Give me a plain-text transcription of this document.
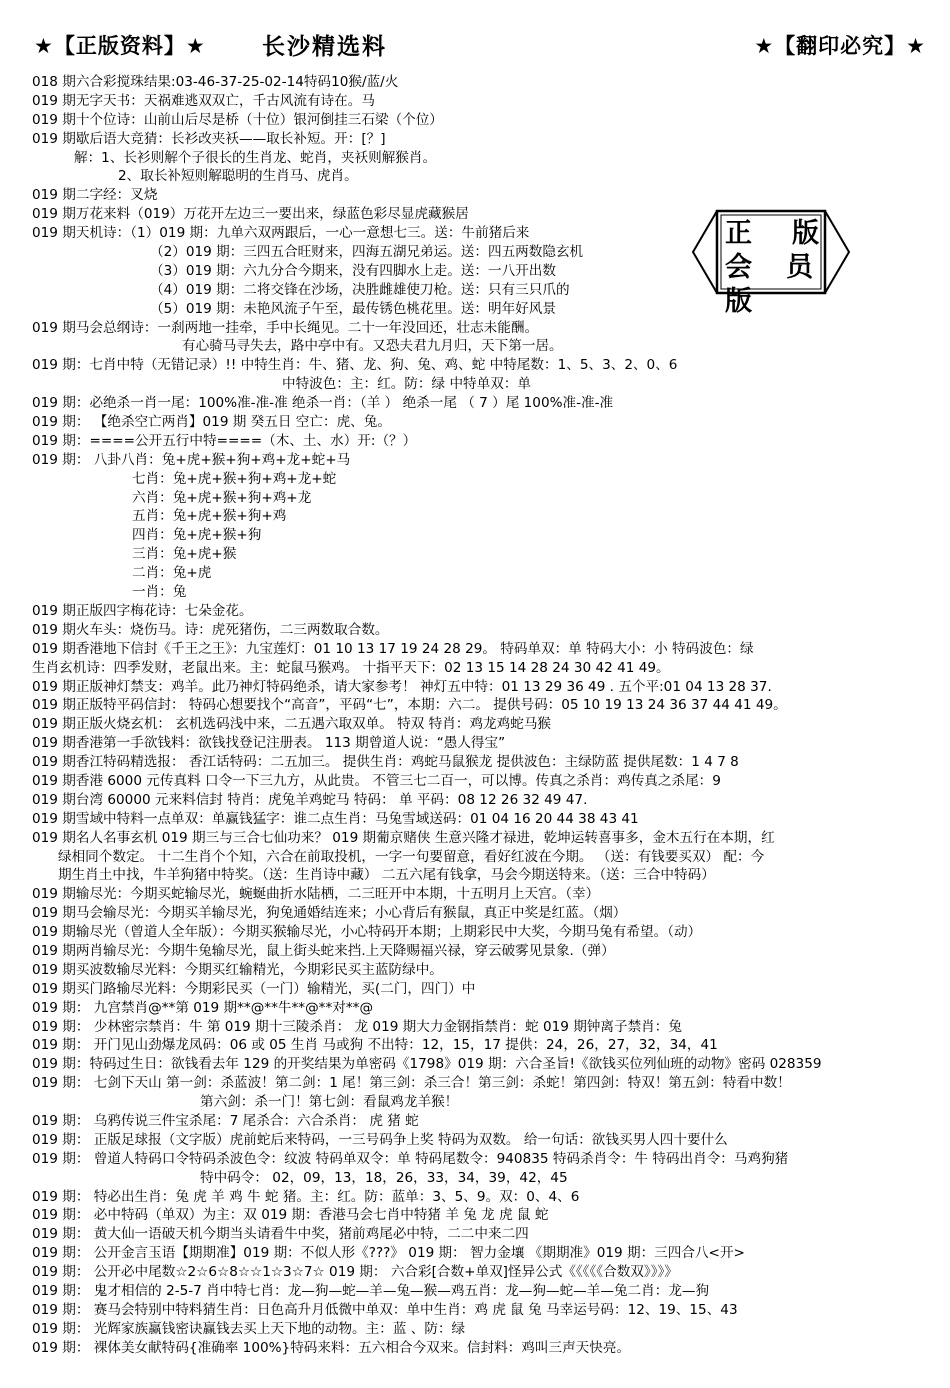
★【正版资料】★ 长沙精选料	★【翻印必究】★
正 版
会员版
018 期六合彩搅珠结果:03-46-37-25-02-14特码10猴/蓝/火
019 期无字天书：天祸难逃双双亡，千古风流有诗在。马
019 期十个位诗：山前山后尽是桥（十位）银河倒挂三石梁（个位）
019 期歇后语大竞猜：长衫改夹袄——取长补短。开：[？]
解：1、长衫则解个子很长的生肖龙、蛇肖，夹袄则解猴肖。
2、取长补短则解聪明的生肖马、虎肖。
019 期二字经：叉烧
019 期万花来料（019）万花开左边三一要出来，绿蓝色彩尽显虎藏猴居
019 期天机诗：（1）019 期：九单六双两跟后，一心一意想七三。送：牛前猪后来
（2）019 期：三四五合旺财来，四海五湖兄弟运。送：四五两数隐玄机
（3）019 期：六九分合今期来，没有四脚水上走。送：一八开出数
（4）019 期：二将交锋在沙场，决胜雌雄使刀枪。送：只有三只爪的
（5）019 期：未艳风流子午至，最传锈色桃花里。送：明年好风景
019 期马会总纲诗：一刹两地一挂牵，手中长绳见。二十一年没回还，壮志未能酬。
有心骑马寻失去，路中亭中有。又恐夫君九月归，天下第一居。
019 期：七肖中特（无错记录）!! 中特生肖：牛、猪、龙、狗、兔、鸡、蛇 中特尾数：1、5、3、2、0、6
中特波色：主：红。防：绿 中特单双：单
019 期：必绝杀一肖一尾：100%准-准-准 绝杀一肖：（羊 ） 绝杀一尾 （ 7 ）尾 100%准-准-准
019 期： 【绝杀空亡两肖】019 期 癸五日 空亡：虎、兔。
019 期：====公开五行中特====（木、土、水）开:（？）
019 期： 八卦八肖：兔+虎+猴+狗+鸡+龙+蛇+马
七肖：兔+虎+猴+狗+鸡+龙+蛇
六肖：兔+虎+猴+狗+鸡+龙
五肖：兔+虎+猴+狗+鸡
四肖：兔+虎+猴+狗
三肖：兔+虎+猴
二肖：兔+虎
一肖：兔
019 期正版四字梅花诗：七朵金花。
019 期火车头：烧伤马。诗：虎死猪伤，二三两数取合数。
019 期香港地下信封《千王之王》：九宝莲灯：01 10 13 17 19 24 28 29。 特码单双：单 特码大小：小 特码波色：绿
生肖玄机诗：四季发财，老鼠出来。主：蛇鼠马猴鸡。 十指平天下：02 13 15 14 28 24 30 42 41 49。
019 期正版神灯禁支：鸡羊。此乃神灯特码绝杀，请大家参考！ 神灯五中特：01 13 29 36 49 . 五个平:01 04 13 28 37.
019 期正版特平码信封： 特码心想要找个“高音”，平码“七”，本期：六二。 提供号码：05 10 19 13 24 36 37 44 41 49。
019 期正版火烧玄机： 玄机选码浅中来，二五遇六取双单。 特双 特肖：鸡龙鸡蛇马猴
019 期香港第一手欲钱料：欲钱找登记注册表。 113 期曾道人说：“愚人得宝”
019 期香江特码精选报： 香江话特码：二五加三。 提供生肖：鸡蛇马鼠猴龙 提供波色：主绿防蓝 提供尾数：1 4 7 8
019 期香港 6000 元传真料 口令一下三九方，从此贵。 不管三七二百一，可以博。传真之杀肖：鸡传真之杀尾：9
019 期台湾 60000 元来料信封 特肖：虎兔羊鸡蛇马 特码： 单 平码：08 12 26 32 49 47.
019 期雪域中特料一点单双：单赢钱猛字：谁二点生肖：马兔雪域送码：01 04 16 20 44 38 43 41
019 期名人名事玄机 019 期三与三合七仙功来？ 019 期葡京赌侠 生意兴隆才禄进，乾坤运转喜事多，金木五行在本期，红
绿相同个数定。 十二生肖个个知，六合在前取投机，一字一句要留意，看好红波在今期。 （送：有钱要买双） 配：今
期生肖土中找，牛羊狗猪中特奖。（送：生肖诗中藏） 二五六尾有钱拿，马会今期送特来。（送：三合中特码）
019 期输尽光：今期买蛇输尽光，蜿蜒曲折水陆栖，二三旺开中本期，十五明月上天宫。（幸）
019 期马会输尽光：今期买羊输尽光，狗兔通婚结连来；小心背后有猴鼠，真正中奖是红蓝。（烟）
019 期输尽光（曾道人全年版）：今期买猴输尽光，小心特码开本期；上期彩民中大奖，今期马兔有希望。（动）
019 期两肖输尽光：今期牛兔输尽光，鼠上街头蛇来挡.上天降赐福兴禄，穿云破雾见景象.（弹）
019 期买波数输尽光料：今期买红输精光，今期彩民买主蓝防绿中。
019 期买门路输尽光料：今期彩民买（一门）输精光，买(二门，四门）中
019 期： 九宫禁肖@**第 019 期**@**牛**@**对**@
019 期： 少林密宗禁肖：牛 第 019 期十三陵杀肖： 龙 019 期大力金钢指禁肖：蛇 019 期钟离子禁肖：兔
019 期： 开门见山劲爆龙凤码：06 或 05 生肖 马或狗 不出特：12，15，17 提供：24，26，27，32，34，41
019 期：特码过生日：欲钱看去年 129 的开奖结果为单密码《1798》019 期：六合圣旨!《欲钱买位列仙班的动物》密码 028359
019 期： 七剑下天山 第一剑：杀蓝波！第二剑：1 尾！第三剑：杀三合！第三剑：杀蛇！第四剑：特双！第五剑：特看中数！
第六剑：杀一门！第七剑：看鼠鸡龙羊猴！
019 期： 乌鸦传说三件宝杀尾：7 尾杀合：六合杀肖： 虎 猪 蛇
019 期： 正版足球报（文字版）虎前蛇后来特码，一三号码争上奖 特码为双数。 给一句话：欲钱买男人四十要什么
019 期： 曾道人特码口令特码杀波色令：纹波 特码单双令：单 特码尾数令：940835 特码杀肖令：牛 特码出肖令：马鸡狗猪
特中码令： 02，09，13，18，26，33，34，39，42，45
019 期： 特必出生肖：兔 虎 羊 鸡 牛 蛇 猪。主：红。防：蓝单：3、5、9。双：0、4、6
019 期： 必中特码（单双）为主：双 019 期：香港马会七肖中特猪 羊 兔 龙 虎 鼠 蛇
019 期： 黄大仙一语破天机今期当头请看牛中奖，猪前鸡尾必中特，二二中来二四
019 期： 公开金言玉语【期期准】019 期：不似人形《???》 019 期： 智力金壤 《期期准》019 期：三四合八<开>
019 期： 公开必中尾数☆2☆6☆8☆☆1☆3☆7☆ 019 期： 六合彩[合数+单双]怪异公式《《《《《合数双》》》》
019 期： 鬼才相信的 2-5-7 肖中特七肖：龙—狗—蛇—羊—兔—猴—鸡五肖：龙—狗—蛇—羊—兔二肖：龙—狗
019 期： 赛马会特别中特料猜生肖：日色高升月低微中单双：单中生肖：鸡 虎 鼠 兔 马幸运号码：12、19、15、43
019 期： 光辉家族赢钱密诀赢钱去买上天下地的动物。主：蓝 、防：绿
019 期： 裸体美女献特码{准确率 100%}特码来料：五六相合今双来。信封料：鸡叫三声天快亮。
